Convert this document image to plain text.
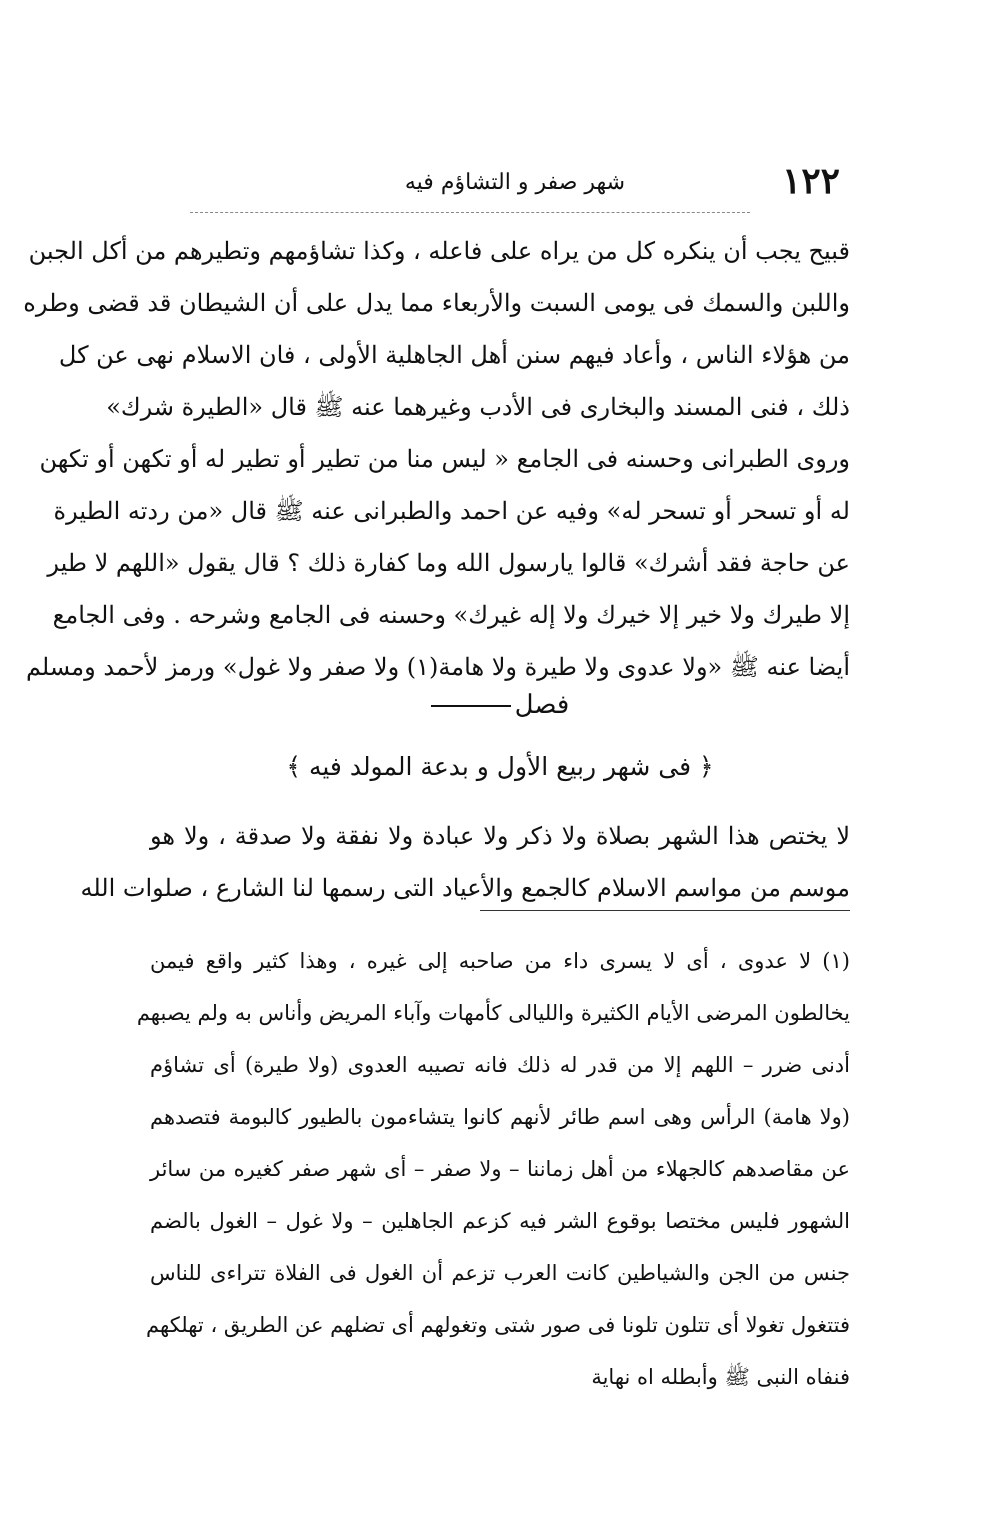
١٢٢
شهر صفر و التشاؤم فيه
قبيح يجب أن ينكره كل من يراه على فاعله ، وكذا تشاؤمهم وتطيرهم من أكل الجبن
واللبن والسمك فى يومى السبت والأربعاء مما يدل على أن الشيطان قد قضى وطره
من هؤلاء الناس ، وأعاد فيهم سنن أهل الجاهلية الأولى ، فان الاسلام نهى عن كل
ذلك ، فنى المسند والبخارى فى الأدب وغيرهما عنه ﷺ قال «الطيرة شرك»
وروى الطبرانى وحسنه فى الجامع « ليس منا من تطير أو تطير له أو تكهن أو تكهن
له أو تسحر أو تسحر له» وفيه عن احمد والطبرانى عنه ﷺ قال «من ردته الطيرة
عن حاجة فقد أشرك» قالوا يارسول الله وما كفارة ذلك ؟ قال يقول «اللهم لا طير
إلا طيرك ولا خير إلا خيرك ولا إله غيرك» وحسنه فى الجامع وشرحه . وفى الجامع
أيضا عنه ﷺ «ولا عدوى ولا طيرة ولا هامة(١) ولا صفر ولا غول» ورمز لأحمد ومسلم
فصل
﴿ فى شهر ربيع الأول و بدعة المولد فيه ﴾
لا يختص هذا الشهر بصلاة ولا ذكر ولا عبادة ولا نفقة ولا صدقة ، ولا هو
موسم من مواسم الاسلام كالجمع والأعياد التى رسمها لنا الشارع ، صلوات الله
(١) لا عدوى ، أى لا يسرى داء من صاحبه إلى غيره ، وهذا كثير واقع فيمن
يخالطون المرضى الأيام الكثيرة والليالى كأمهات وآباء المريض وأناس به ولم يصبهم
أدنى ضرر – اللهم إلا من قدر له ذلك فانه تصيبه العدوى (ولا طيرة) أى تشاؤم
(ولا هامة) الرأس وهى اسم طائر لأنهم كانوا يتشاءمون بالطيور كالبومة فتصدهم
عن مقاصدهم كالجهلاء من أهل زماننا – ولا صفر – أى شهر صفر كغيره من سائر
الشهور فليس مختصا بوقوع الشر فيه كزعم الجاهلين – ولا غول – الغول بالضم
جنس من الجن والشياطين كانت العرب تزعم أن الغول فى الفلاة تتراءى للناس
فتتغول تغولا أى تتلون تلونا فى صور شتى وتغولهم أى تضلهم عن الطريق ، تهلكهم
فنفاه النبى ﷺ وأبطله اه نهاية
